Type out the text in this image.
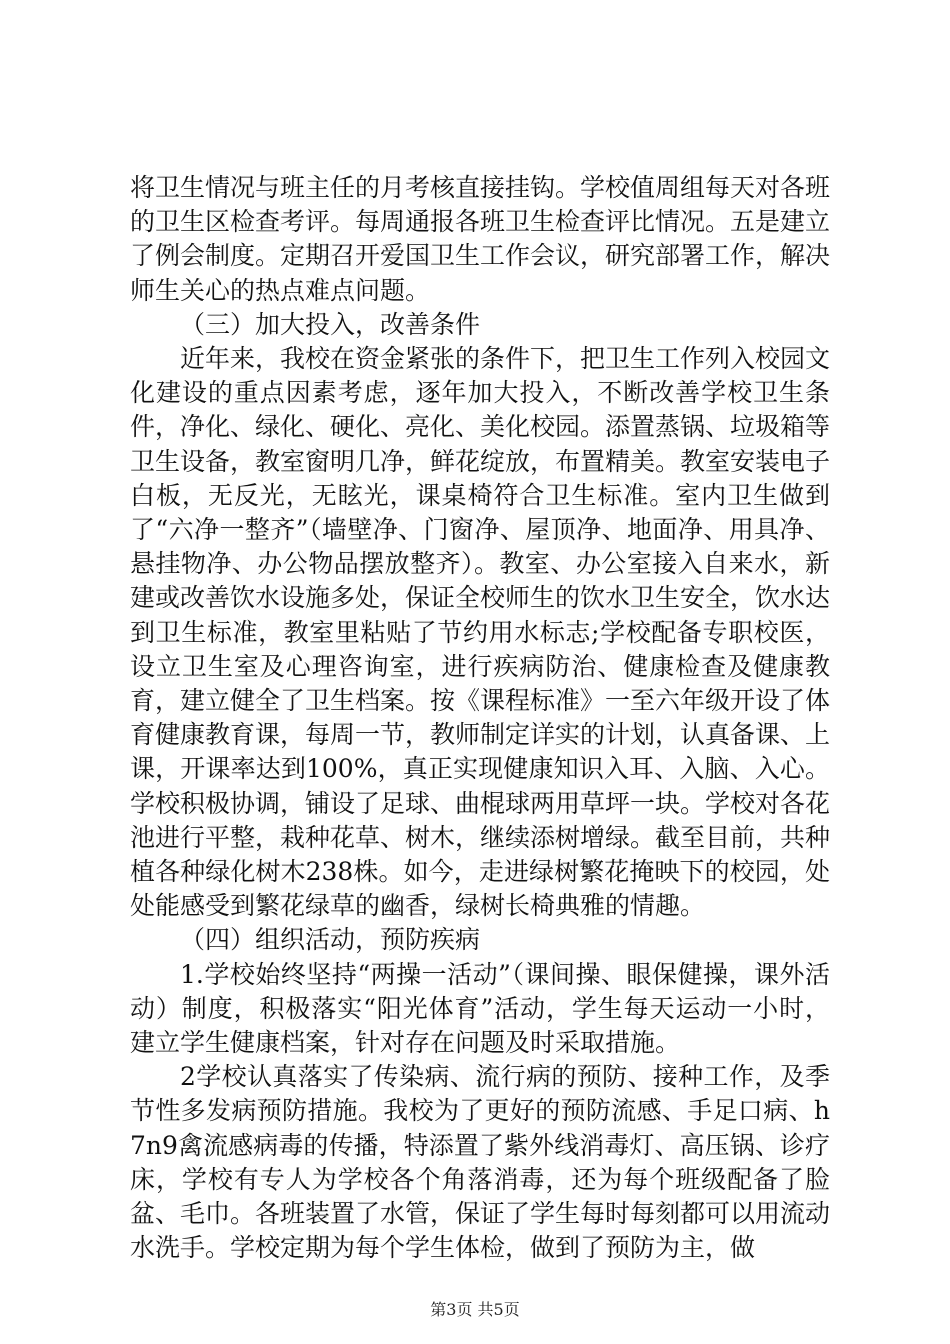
将卫生情况与班主任的月考核直接挂钩。学校值周组每天对各班的卫生区检查考评。每周通报各班卫生检查评比情况。五是建立了例会制度。定期召开爱国卫生工作会议，研究部署工作，解决师生关心的热点难点问题。

（三）加大投入，改善条件

近年来，我校在资金紧张的条件下，把卫生工作列入校园文化建设的重点因素考虑，逐年加大投入，不断改善学校卫生条件，净化、绿化、硬化、亮化、美化校园。添置蒸锅、垃圾箱等卫生设备，教室窗明几净，鲜花绽放，布置精美。教室安装电子白板，无反光，无眩光，课桌椅符合卫生标准。室内卫生做到了“六净一整齐”（墙壁净、门窗净、屋顶净、地面净、用具净、悬挂物净、办公物品摆放整齐）。教室、办公室接入自来水，新建或改善饮水设施多处，保证全校师生的饮水卫生安全，饮水达到卫生标准，教室里粘贴了节约用水标志;学校配备专职校医，设立卫生室及心理咨询室，进行疾病防治、健康检查及健康教育，建立健全了卫生档案。按《课程标准》一至六年级开设了体育健康教育课，每周一节，教师制定详实的计划，认真备课、上课，开课率达到100%，真正实现健康知识入耳、入脑、入心。学校积极协调，铺设了足球、曲棍球两用草坪一块。学校对各花池进行平整，栽种花草、树木，继续添树增绿。截至目前，共种植各种绿化树木238株。如今，走进绿树繁花掩映下的校园，处处能感受到繁花绿草的幽香，绿树长椅典雅的情趣。

（四）组织活动，预防疾病

1.学校始终坚持“两操一活动”（课间操、眼保健操，课外活动）制度，积极落实“阳光体育”活动，学生每天运动一小时，建立学生健康档案，针对存在问题及时采取措施。

2学校认真落实了传染病、流行病的预防、接种工作，及季节性多发病预防措施。我校为了更好的预防流感、手足口病、h7n9禽流感病毒的传播，特添置了紫外线消毒灯、高压锅、诊疗床，学校有专人为学校各个角落消毒，还为每个班级配备了脸盆、毛巾。各班装置了水管，保证了学生每时每刻都可以用流动水洗手。学校定期为每个学生体检，做到了预防为主，做

第3页 共5页
